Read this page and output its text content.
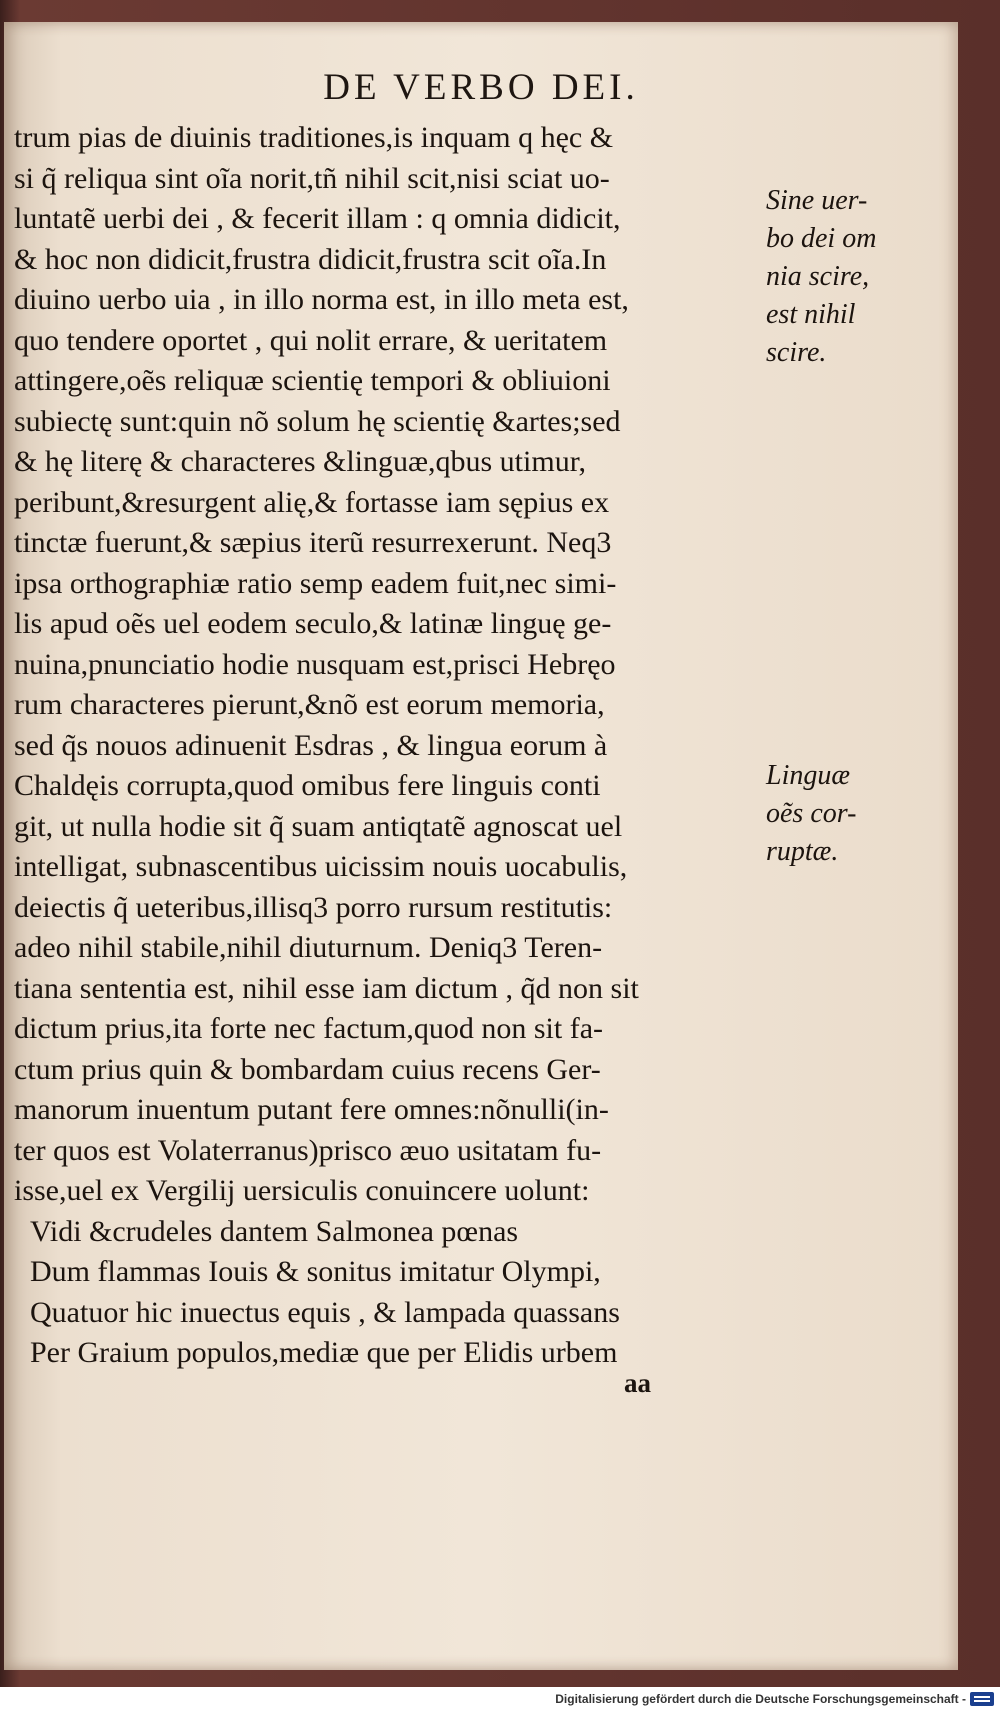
DE VERBO DEI.
trum pias de diuinis traditiones,is inquam q hęc &
si q̃ reliqua sint oĩa norit,tñ nihil scit,nisi sciat uo-
luntatẽ uerbi dei , & fecerit illam : q omnia didicit,
& hoc non didicit,frustra didicit,frustra scit oĩa.In
diuino uerbo uia , in illo norma est, in illo meta est,
quo tendere oportet , qui nolit errare, & ueritatem
attingere,oẽs reliquæ scientię tempori & obliuioni
subiectę sunt:quin nõ solum hę scientię &artes;sed
& hę literę & characteres &linguæ,qbus utimur,
peribunt,&resurgent alię,& fortasse iam sępius ex
tinctæ fuerunt,& sæpius iterũ resurrexerunt. Neq3
ipsa orthographiæ ratio semp eadem fuit,nec simi-
lis apud oẽs uel eodem seculo,& latinæ linguę ge-
nuina,pnunciatio hodie nusquam est,prisci Hebręo
rum characteres pierunt,&nõ est eorum memoria,
sed q̃s nouos adinuenit Esdras , & lingua eorum à
Chaldęis corrupta,quod omibus fere linguis conti
git, ut nulla hodie sit q̃ suam antiqtatẽ agnoscat uel
intelligat, subnascentibus uicissim nouis uocabulis,
deiectis q̃ ueteribus,illisq3 porro rursum restitutis:
adeo nihil stabile,nihil diuturnum. Deniq3 Teren-
tiana sententia est, nihil esse iam dictum , q̃d non sit
dictum prius,ita forte nec factum,quod non sit fa-
ctum prius quin & bombardam cuius recens Ger-
manorum inuentum putant fere omnes:nõnulli(in-
ter quos est Volaterranus)prisco æuo usitatam fu-
isse,uel ex Vergilij uersiculis conuincere uolunt:
Vidi &crudeles dantem Salmonea pœnas
Dum flammas Iouis & sonitus imitatur Olympi,
Quatuor hic inuectus equis , & lampada quassans
Per Graium populos,mediæ que per Elidis urbem
Sine uer-
bo dei om
nia scire,
est nihil
scire.
Linguæ
oẽs cor-
ruptæ.
aa
Digitalisierung gefördert durch die Deutsche Forschungsgemeinschaft -
